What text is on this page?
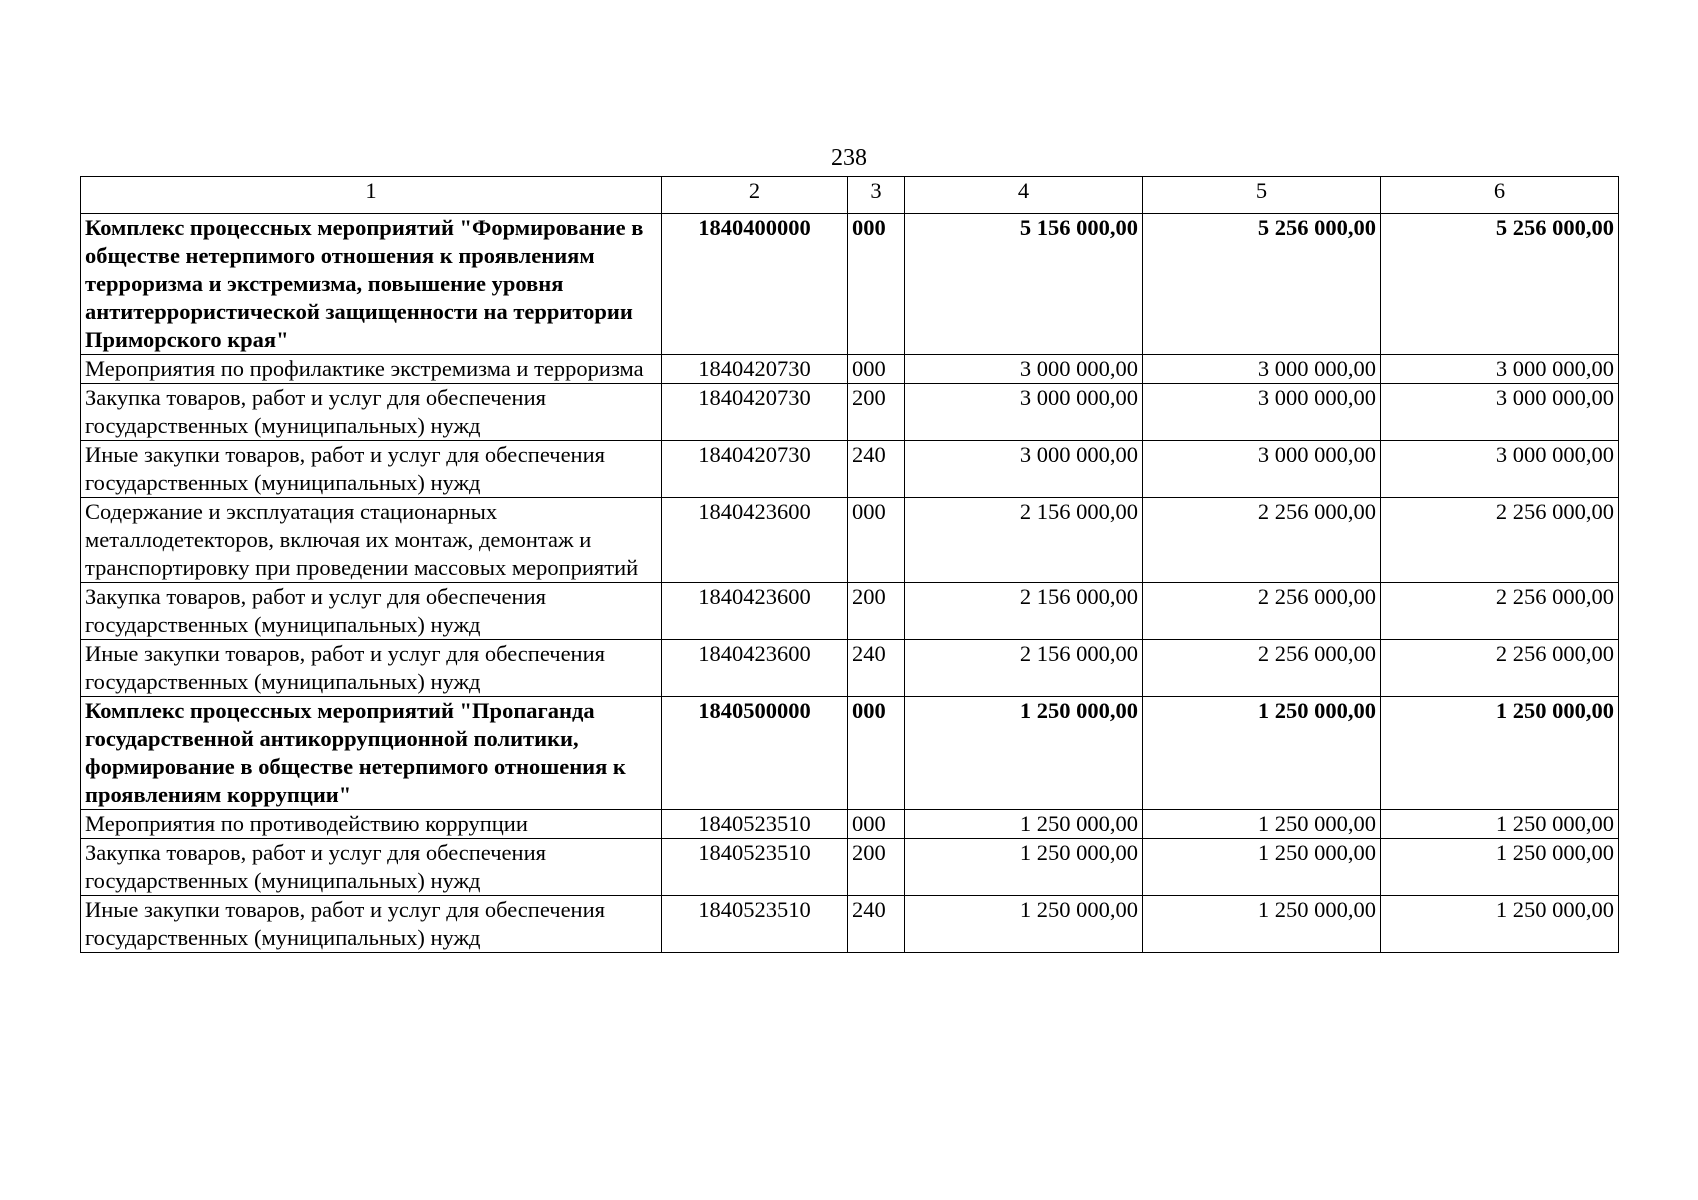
238
1	2	3	4	5	6
Комплекс процессных мероприятий "Формирование в обществе нетерпимого отношения к проявлениям терроризма и экстремизма, повышение уровня антитеррористической защищенности на территории Приморского края"	1840400000	000	5 156 000,00	5 256 000,00	5 256 000,00
Мероприятия по профилактике экстремизма и терроризма	1840420730	000	3 000 000,00	3 000 000,00	3 000 000,00
Закупка товаров, работ и услуг для обеспечения государственных (муниципальных) нужд	1840420730	200	3 000 000,00	3 000 000,00	3 000 000,00
Иные закупки товаров, работ и услуг для обеспечения государственных (муниципальных) нужд	1840420730	240	3 000 000,00	3 000 000,00	3 000 000,00
Содержание и эксплуатация стационарных металлодетекторов, включая их монтаж, демонтаж и транспортировку при проведении массовых мероприятий	1840423600	000	2 156 000,00	2 256 000,00	2 256 000,00
Закупка товаров, работ и услуг для обеспечения государственных (муниципальных) нужд	1840423600	200	2 156 000,00	2 256 000,00	2 256 000,00
Иные закупки товаров, работ и услуг для обеспечения государственных (муниципальных) нужд	1840423600	240	2 156 000,00	2 256 000,00	2 256 000,00
Комплекс процессных мероприятий "Пропаганда государственной антикоррупционной политики, формирование в обществе нетерпимого отношения к проявлениям коррупции"	1840500000	000	1 250 000,00	1 250 000,00	1 250 000,00
Мероприятия по противодействию коррупции	1840523510	000	1 250 000,00	1 250 000,00	1 250 000,00
Закупка товаров, работ и услуг для обеспечения государственных (муниципальных) нужд	1840523510	200	1 250 000,00	1 250 000,00	1 250 000,00
Иные закупки товаров, работ и услуг для обеспечения государственных (муниципальных) нужд	1840523510	240	1 250 000,00	1 250 000,00	1 250 000,00
